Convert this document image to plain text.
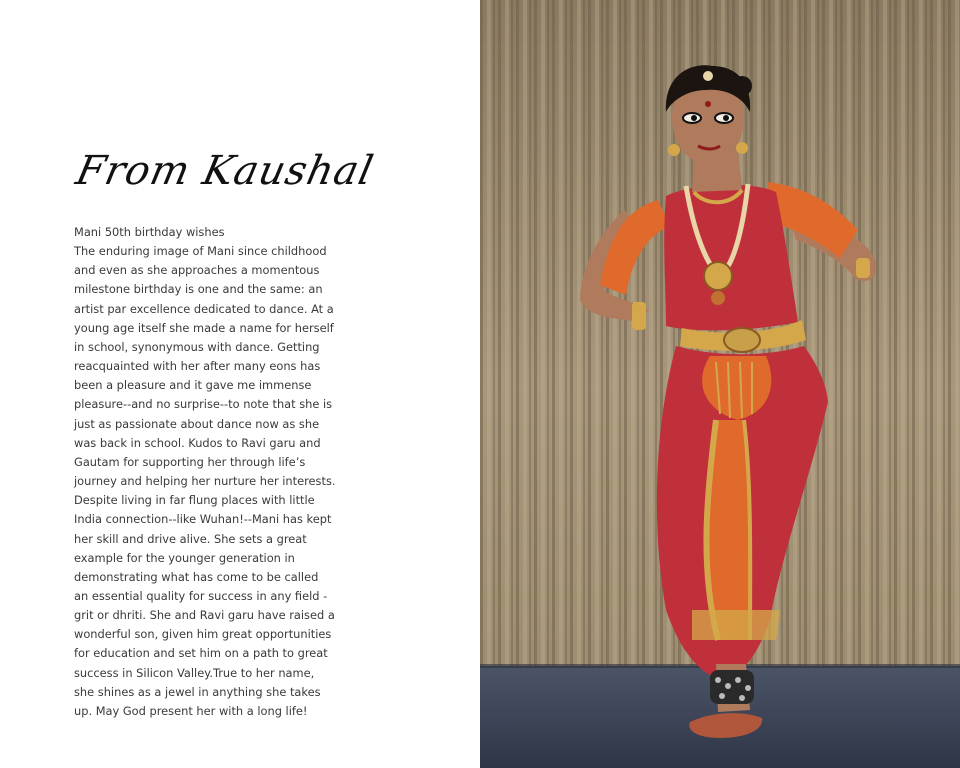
From Kaushal

Mani 50th birthday wishes

The enduring image of Mani since childhood and even as she approaches a momentous milestone birthday is one and the same: an artist par excellence dedicated to dance. At a young age itself she made a name for herself in school, synonymous with dance. Getting reacquainted with her after many eons has been a pleasure and it gave me immense pleasure--and no surprise--to note that she is just as passionate about dance now as she was back in school. Kudos to Ravi garu and Gautam for supporting her through life’s journey and helping her nurture her interests. Despite living in far flung places with little India connection--like Wuhan!--Mani has kept her skill and drive alive. She sets a great example for the younger generation in demonstrating what has come to be called an essential quality for success in any field - grit or dhriti. She and Ravi garu have raised a wonderful son, given him great opportunities for education and set him on a path to great success in Silicon Valley.True to her name, she shines as a jewel in anything she takes up. May God present her with a long life!
